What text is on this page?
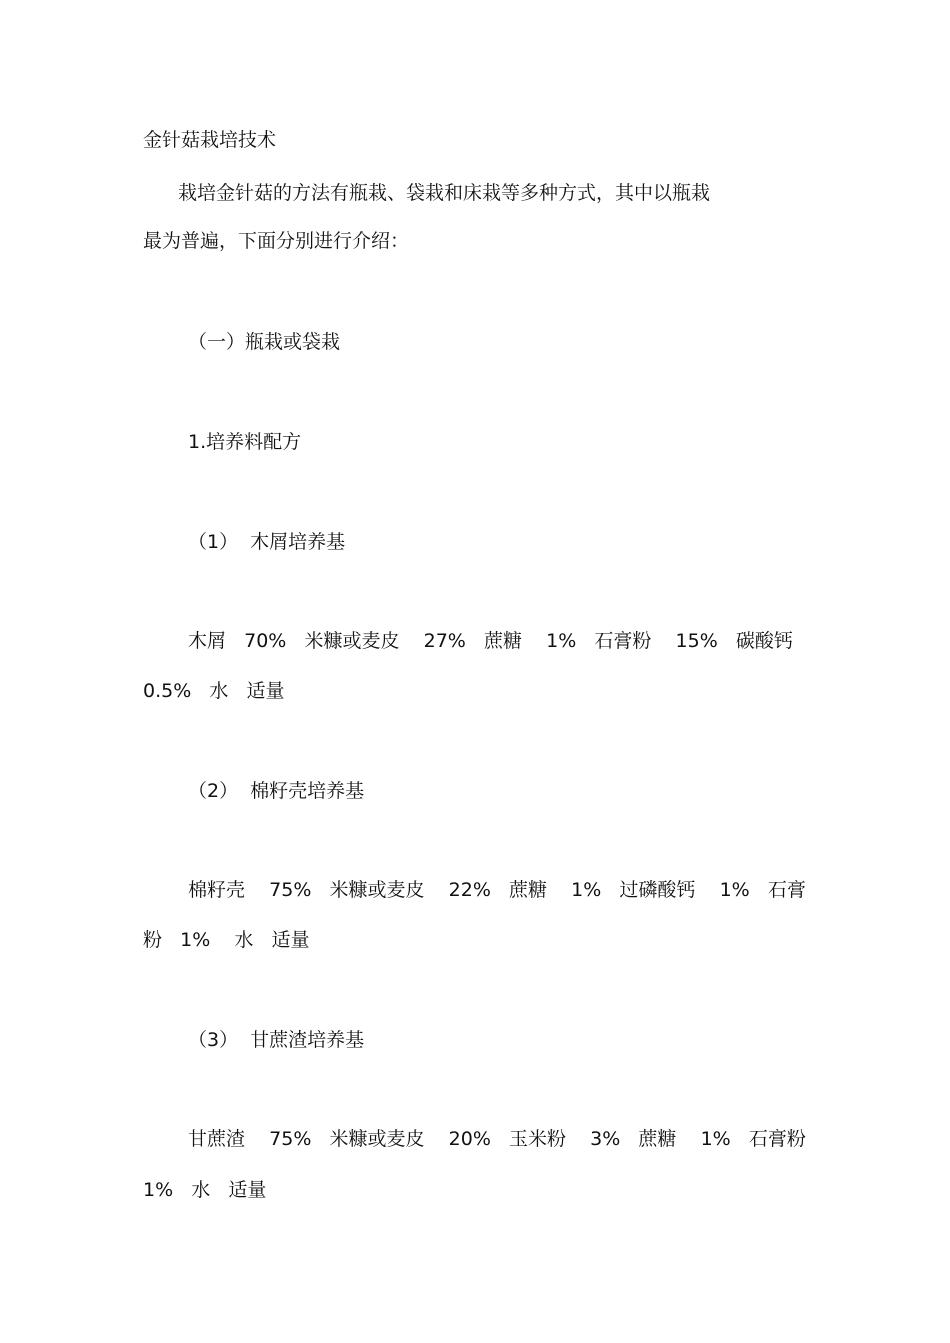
金针菇栽培技术
栽培金针菇的方法有瓶栽、袋栽和床栽等多种方式，其中以瓶栽
最为普遍，下面分别进行介绍：
（一）瓶栽或袋栽
1.培养料配方
（1）  木屑培养基
木屑   70%   米糠或麦皮    27%   蔗糖    1%   石膏粉    15%   碳酸钙
0.5%   水   适量
（2）  棉籽壳培养基
棉籽壳    75%   米糠或麦皮    22%   蔗糖    1%   过磷酸钙    1%   石膏
粉   1%    水   适量
（3）  甘蔗渣培养基
甘蔗渣    75%   米糠或麦皮    20%   玉米粉    3%   蔗糖    1%   石膏粉
1%   水   适量
